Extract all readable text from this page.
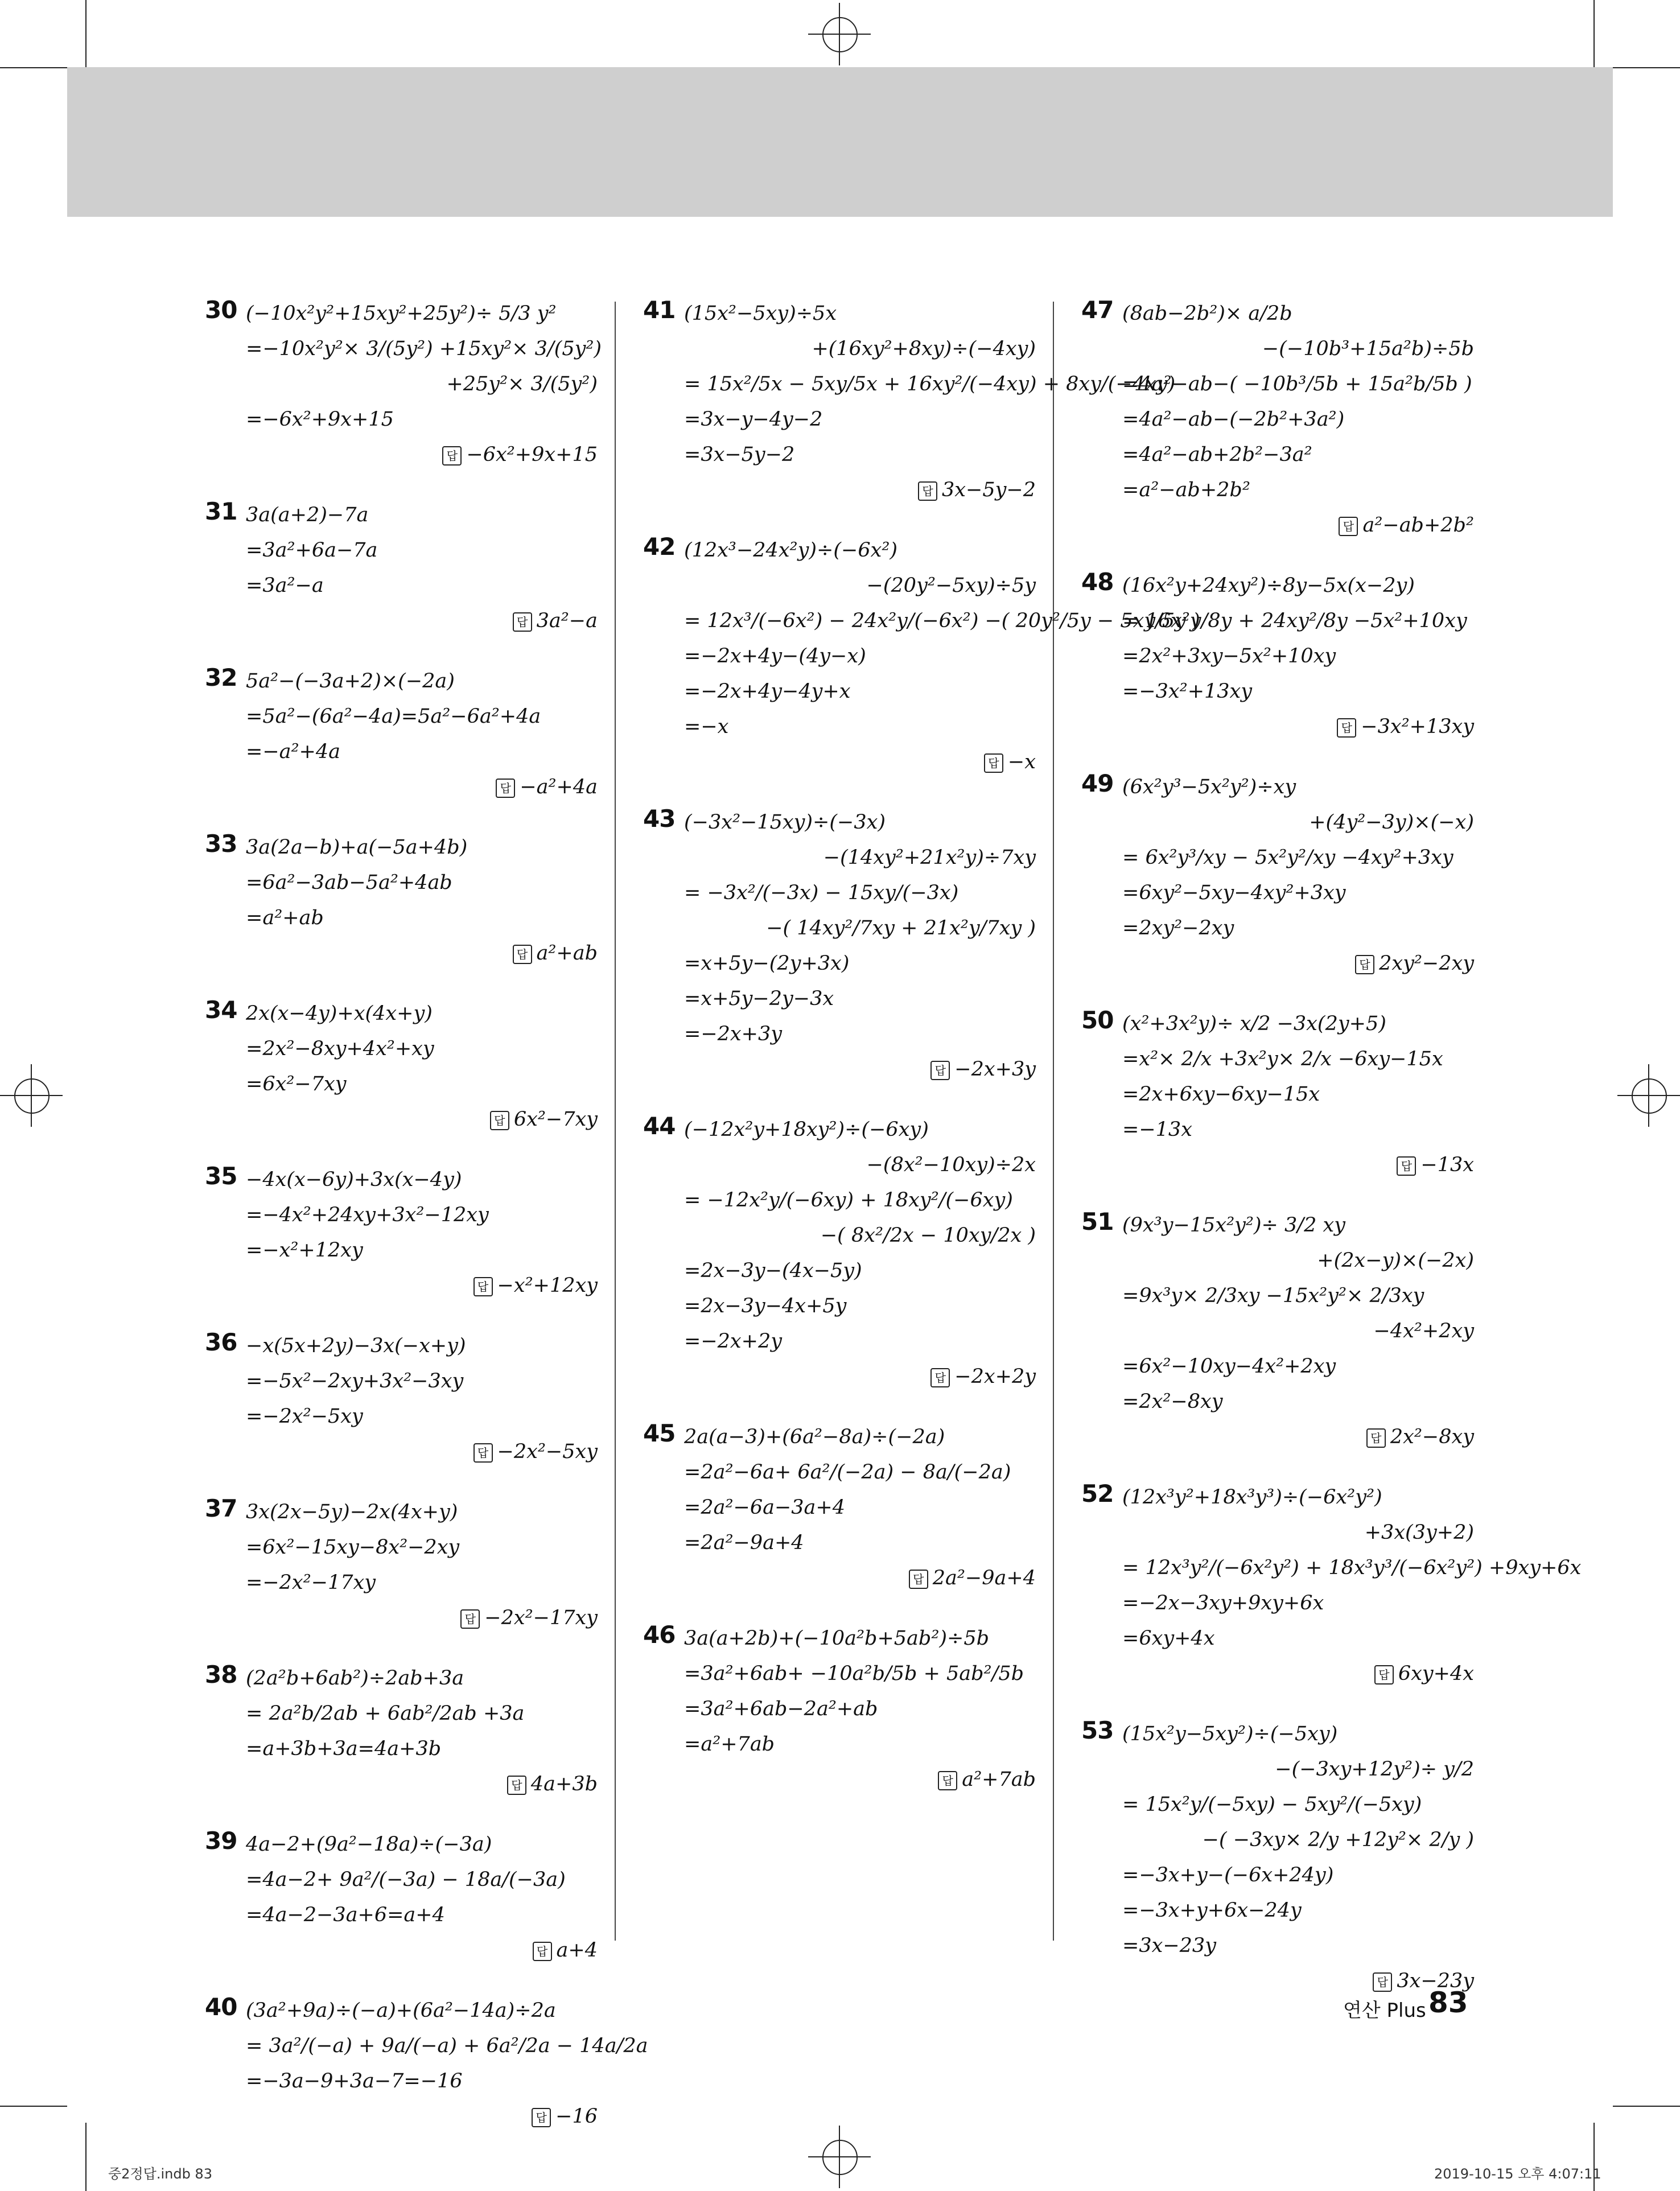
30 (−10x²y²+15xy²+25y²)÷ 5/3 y²
=−10x²y²× 3/(5y²) +15xy²× 3/(5y²)
+25y²× 3/(5y²)
=−6x²+9x+15
답 −6x²+9x+15
31 3a(a+2)−7a
=3a²+6a−7a
=3a²−a
답 3a²−a
32 5a²−(−3a+2)×(−2a)
=5a²−(6a²−4a)=5a²−6a²+4a
=−a²+4a
답 −a²+4a
33 3a(2a−b)+a(−5a+4b)
=6a²−3ab−5a²+4ab
=a²+ab
답 a²+ab
34 2x(x−4y)+x(4x+y)
=2x²−8xy+4x²+xy
=6x²−7xy
답 6x²−7xy
35 −4x(x−6y)+3x(x−4y)
=−4x²+24xy+3x²−12xy
=−x²+12xy
답 −x²+12xy
36 −x(5x+2y)−3x(−x+y)
=−5x²−2xy+3x²−3xy
=−2x²−5xy
답 −2x²−5xy
37 3x(2x−5y)−2x(4x+y)
=6x²−15xy−8x²−2xy
=−2x²−17xy
답 −2x²−17xy
38 (2a²b+6ab²)÷2ab+3a
= 2a²b/2ab + 6ab²/2ab +3a
=a+3b+3a=4a+3b
답 4a+3b
39 4a−2+(9a²−18a)÷(−3a)
=4a−2+ 9a²/(−3a) − 18a/(−3a)
=4a−2−3a+6=a+4
답 a+4
40 (3a²+9a)÷(−a)+(6a²−14a)÷2a
= 3a²/(−a) + 9a/(−a) + 6a²/2a − 14a/2a
=−3a−9+3a−7=−16
답 −16
41 (15x²−5xy)÷5x
+(16xy²+8xy)÷(−4xy)
= 15x²/5x − 5xy/5x + 16xy²/(−4xy) + 8xy/(−4xy)
=3x−y−4y−2
=3x−5y−2
답 3x−5y−2
42 (12x³−24x²y)÷(−6x²)
−(20y²−5xy)÷5y
= 12x³/(−6x²) − 24x²y/(−6x²) −( 20y²/5y − 5xy/5y )
=−2x+4y−(4y−x)
=−2x+4y−4y+x
=−x
답 −x
43 (−3x²−15xy)÷(−3x)
−(14xy²+21x²y)÷7xy
= −3x²/(−3x) − 15xy/(−3x)
−( 14xy²/7xy + 21x²y/7xy )
=x+5y−(2y+3x)
=x+5y−2y−3x
=−2x+3y
답 −2x+3y
44 (−12x²y+18xy²)÷(−6xy)
−(8x²−10xy)÷2x
= −12x²y/(−6xy) + 18xy²/(−6xy)
−( 8x²/2x − 10xy/2x )
=2x−3y−(4x−5y)
=2x−3y−4x+5y
=−2x+2y
답 −2x+2y
45 2a(a−3)+(6a²−8a)÷(−2a)
=2a²−6a+ 6a²/(−2a) − 8a/(−2a)
=2a²−6a−3a+4
=2a²−9a+4
답 2a²−9a+4
46 3a(a+2b)+(−10a²b+5ab²)÷5b
=3a²+6ab+ −10a²b/5b + 5ab²/5b
=3a²+6ab−2a²+ab
=a²+7ab
답 a²+7ab
47 (8ab−2b²)× a/2b
−(−10b³+15a²b)÷5b
=4a²−ab−( −10b³/5b + 15a²b/5b )
=4a²−ab−(−2b²+3a²)
=4a²−ab+2b²−3a²
=a²−ab+2b²
답 a²−ab+2b²
48 (16x²y+24xy²)÷8y−5x(x−2y)
= 16x²y/8y + 24xy²/8y −5x²+10xy
=2x²+3xy−5x²+10xy
=−3x²+13xy
답 −3x²+13xy
49 (6x²y³−5x²y²)÷xy
+(4y²−3y)×(−x)
= 6x²y³/xy − 5x²y²/xy −4xy²+3xy
=6xy²−5xy−4xy²+3xy
=2xy²−2xy
답 2xy²−2xy
50 (x²+3x²y)÷ x/2 −3x(2y+5)
=x²× 2/x +3x²y× 2/x −6xy−15x
=2x+6xy−6xy−15x
=−13x
답 −13x
51 (9x³y−15x²y²)÷ 3/2 xy
+(2x−y)×(−2x)
=9x³y× 2/3xy −15x²y²× 2/3xy
−4x²+2xy
=6x²−10xy−4x²+2xy
=2x²−8xy
답 2x²−8xy
52 (12x³y²+18x³y³)÷(−6x²y²)
+3x(3y+2)
= 12x³y²/(−6x²y²) + 18x³y³/(−6x²y²) +9xy+6x
=−2x−3xy+9xy+6x
=6xy+4x
답 6xy+4x
53 (15x²y−5xy²)÷(−5xy)
−(−3xy+12y²)÷ y/2
= 15x²y/(−5xy) − 5xy²/(−5xy)
−( −3xy× 2/y +12y²× 2/y )
=−3x+y−(−6x+24y)
=−3x+y+6x−24y
=3x−23y
답 3x−23y
연산 Plus 83
중2정답.indb 83	2019-10-15 오후 4:07:11
